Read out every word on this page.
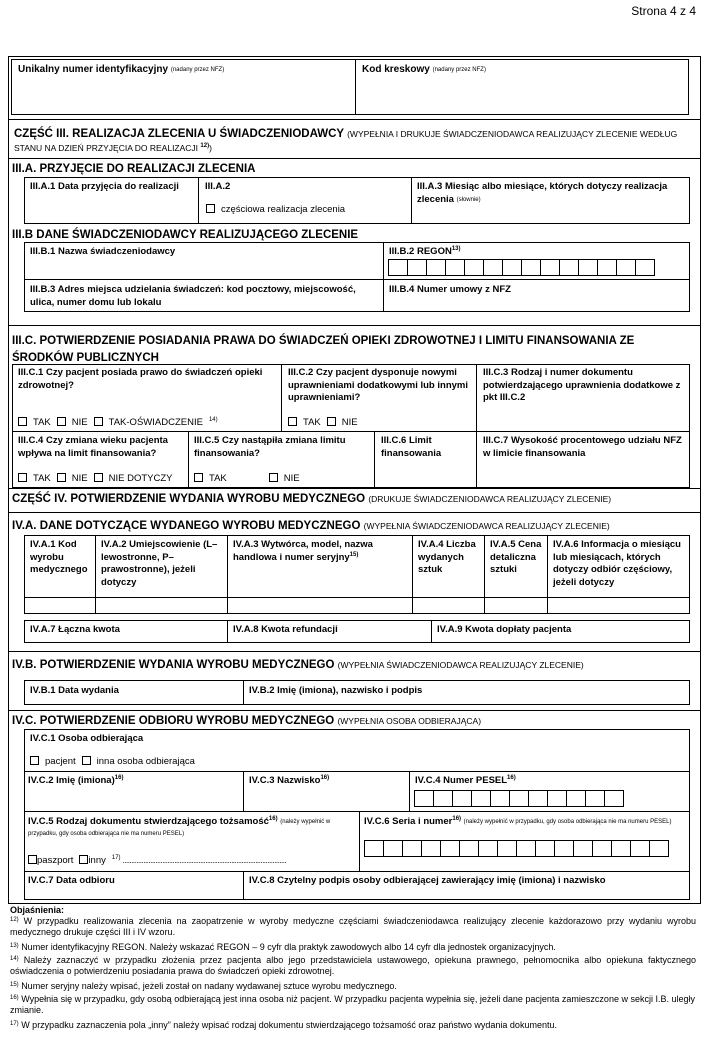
Strona 4 z 4
Unikalny numer identyfikacyjny (nadany przez NFZ)	Kod kreskowy (nadany przez NFZ)
CZĘŚĆ III. REALIZACJA ZLECENIA U ŚWIADCZENIODAWCY (WYPEŁNIA I DRUKUJE ŚWIADCZENIODAWCA REALIZUJĄCY ZLECENIE WEDŁUG
STANU NA DZIEŃ PRZYJĘCIA DO REALIZACJI $^{12)}$)
III.A. PRZYJĘCIE DO REALIZACJI ZLECENIA
III.A.1 Data przyjęcia do realizacji	III.A.2
częściowa realizacja zlecenia
III.A.3 Miesiąc albo miesiące, których dotyczy realizacja zlecenia (słownie)
III.B DANE ŚWIADCZENIODAWCY REALIZUJĄCEGO ZLECENIE
III.B.1 Nazwa świadczeniodawcy	III.B.2 REGON$^{13)}$
III.B.3 Adres miejsca udzielania świadczeń: kod pocztowy, miejscowość, ulica, numer domu lub lokalu
III.B.4 Numer umowy z NFZ
III.C. POTWIERDZENIE POSIADANIA PRAWA DO ŚWIADCZEŃ OPIEKI ZDROWOTNEJ I LIMITU FINANSOWANIA ZE ŚRODKÓW PUBLICZNYCH
III.C.1 Czy pacjent posiada prawo do świadczeń opieki zdrowotnej?
TAK NIE TAK-OŚWIADCZENIE $^{14)}$
III.C.2 Czy pacjent dysponuje nowymi uprawnieniami dodatkowymi lub innymi uprawnieniami?
TAK NIE
III.C.3 Rodzaj i numer dokumentu potwierdzającego uprawnienia dodatkowe z pkt III.C.2
III.C.4 Czy zmiana wieku pacjenta wpływa na limit finansowania?
TAK NIE NIE DOTYCZY
III.C.5 Czy nastąpiła zmiana limitu finansowania?
TAK	NIE
III.C.6 Limit finansowania
III.C.7 Wysokość procentowego udziału NFZ w limicie finansowania
CZĘŚĆ IV. POTWIERDZENIE WYDANIA WYROBU MEDYCZNEGO (DRUKUJE ŚWIADCZENIODAWCA REALIZUJĄCY ZLECENIE)
IV.A. DANE DOTYCZĄCE WYDANEGO WYROBU MEDYCZNEGO (WYPEŁNIA ŚWIADCZENIODAWCA REALIZUJĄCY ZLECENIE)
IV.A.1 Kod wyrobu medycznego
IV.A.2 Umiejscowienie (L– lewostronne, P–prawostronne), jeżeli dotyczy
IV.A.3 Wytwórca, model, nazwa handlowa i numer seryjny$^{15)}$
IV.A.4 Liczba wydanych sztuk
IV.A.5 Cena detaliczna sztuki
IV.A.6 Informacja o miesiącu lub miesiącach, których dotyczy odbiór częściowy, jeżeli dotyczy
IV.A.7 Łączna kwota	IV.A.8 Kwota refundacji	IV.A.9 Kwota dopłaty pacjenta
IV.B. POTWIERDZENIE WYDANIA WYROBU MEDYCZNEGO (WYPEŁNIA ŚWIADCZENIODAWCA REALIZUJĄCY ZLECENIE)
IV.B.1 Data wydania	IV.B.2 Imię (imiona), nazwisko i podpis
IV.C. POTWIERDZENIE ODBIORU WYROBU MEDYCZNEGO (WYPEŁNIA OSOBA ODBIERAJĄCA)
IV.C.1 Osoba odbierająca
pacjent inna osoba odbierająca
IV.C.2 Imię (imiona)$^{16)}$	IV.C.3 Nazwisko$^{16)}$	IV.C.4 Numer PESEL$^{16)}$
IV.C.5 Rodzaj dokumentu stwierdzającego tożsamość$^{16)}$ (należy wypełnić w przypadku, gdy osoba odbierająca nie ma numeru PESEL)
paszport inny $^{17)}$ ...............................................................................................
IV.C.6 Seria i numer$^{16)}$ (należy wypełnić w przypadku, gdy osoba odbierająca nie ma numeru PESEL)
IV.C.7 Data odbioru	IV.C.8 Czytelny podpis osoby odbierającej zawierający imię (imiona) i nazwisko
Objaśnienia:
$^{12)}$ W przypadku realizowania zlecenia na zaopatrzenie w wyroby medyczne częściami świadczeniodawca realizujący zlecenie każdorazowo przy wydaniu wyrobu medycznego drukuje części III i IV wzoru.
$^{13)}$ Numer identyfikacyjny REGON. Należy wskazać REGON – 9 cyfr dla praktyk zawodowych albo 14 cyfr dla jednostek organizacyjnych.
$^{14)}$ Należy zaznaczyć w przypadku złożenia przez pacjenta albo jego przedstawiciela ustawowego, opiekuna prawnego, pełnomocnika albo opiekuna faktycznego oświadczenia o potwierdzeniu posiadania prawa do świadczeń opieki zdrowotnej.
$^{15)}$ Numer seryjny należy wpisać, jeżeli został on nadany wydawanej sztuce wyrobu medycznego.
$^{16)}$ Wypełnia się w przypadku, gdy osobą odbierającą jest inna osoba niż pacjent. W przypadku pacjenta wypełnia się, jeżeli dane pacjenta zamieszczone w sekcji I.B. uległy zmianie.
$^{17)}$ W przypadku zaznaczenia pola „inny” należy wpisać rodzaj dokumentu stwierdzającego tożsamość oraz państwo wydania dokumentu.
